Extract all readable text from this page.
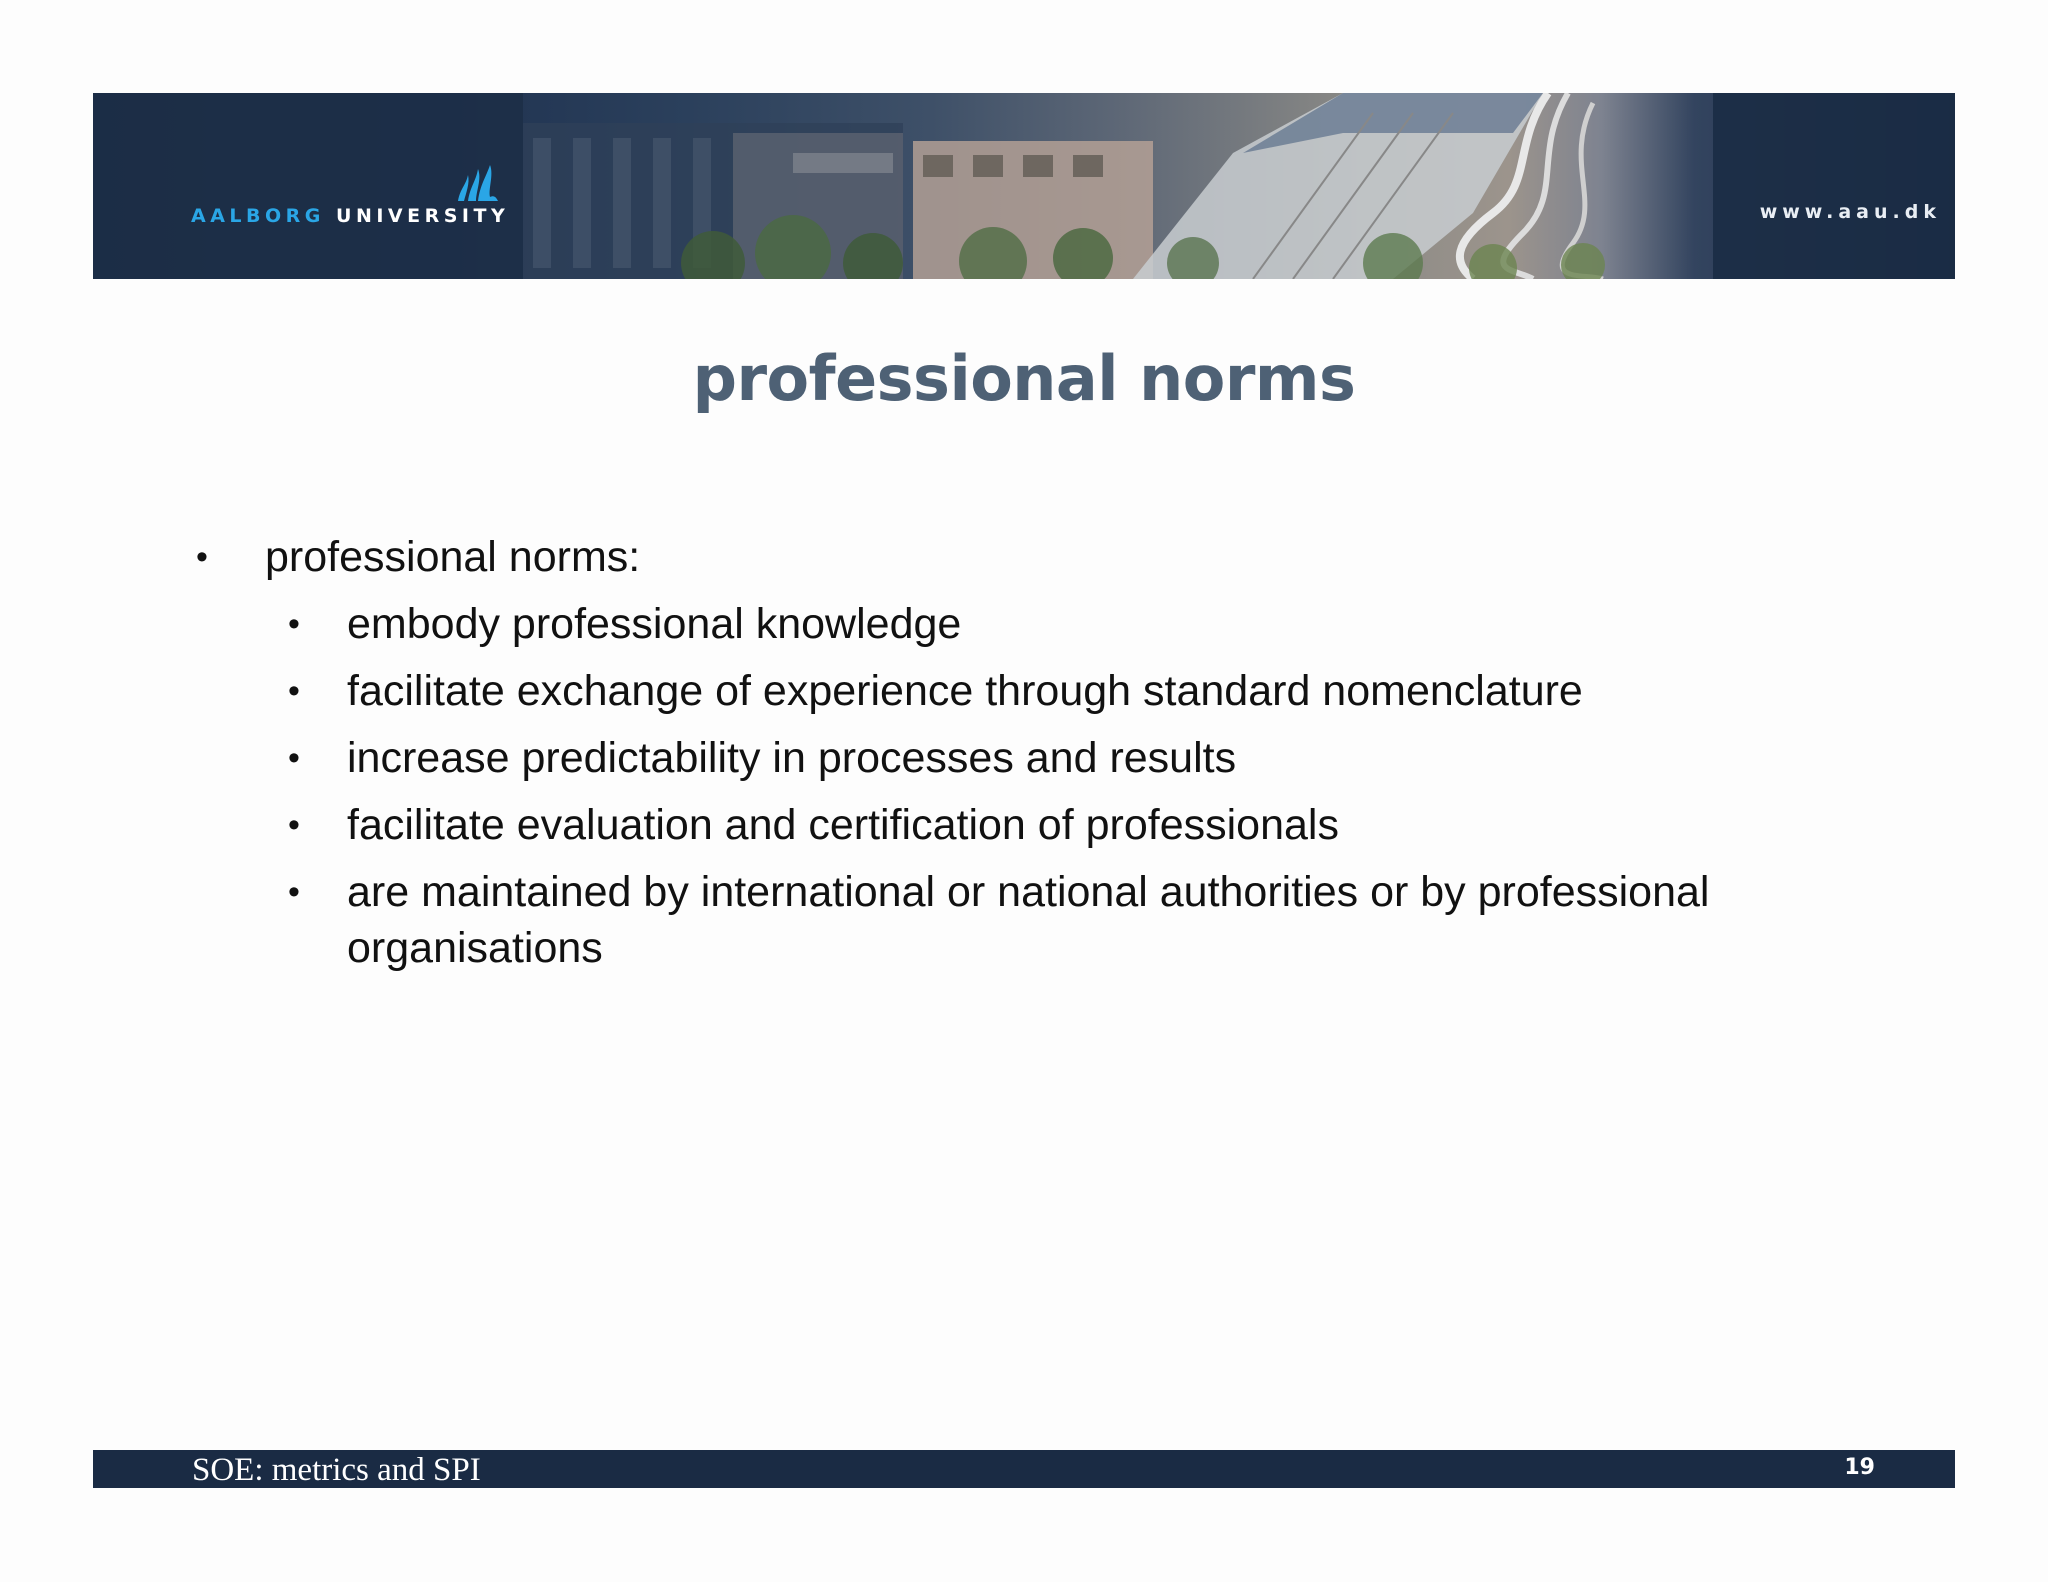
AALBORG UNIVERSITY	www.aau.dk
professional norms
• professional norms:
• embody professional knowledge
• facilitate exchange of experience through standard nomenclature
• increase predictability in processes and results
• facilitate evaluation and certification of professionals
• are maintained by international or national authorities or by professional organisations
SOE: metrics and SPI	19
